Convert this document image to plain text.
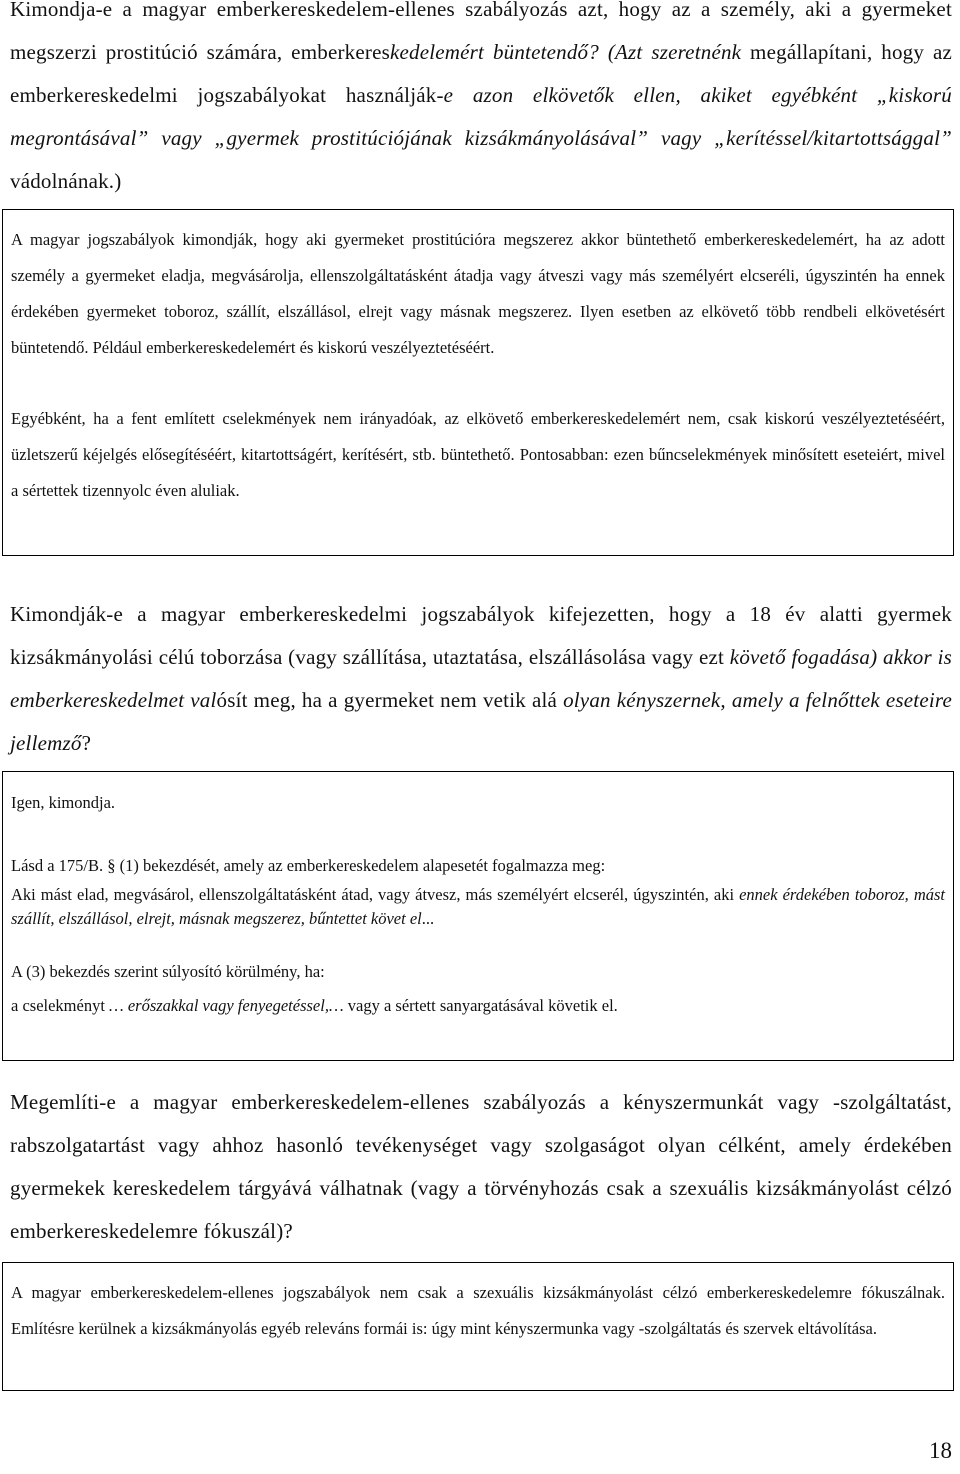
Kimondja-e a magyar emberkereskedelem-ellenes szabályozás azt, hogy az a személy, aki a gyermeket megszerzi prostitúció számára, emberkereskedelemért büntetendő? (Azt szeretnénk megállapítani, hogy az emberkereskedelmi jogszabályokat használják-e azon elkövetők ellen, akiket egyébként „kiskorú megrontásával” vagy „gyermek prostitúciójának kizsákmányolásával” vagy „kerítéssel/kitartottsággal” vádolnának.)

A magyar jogszabályok kimondják, hogy aki gyermeket prostitúcióra megszerez akkor büntethető emberkereskedelemért, ha az adott személy a gyermeket eladja, megvásárolja, ellenszolgáltatásként átadja vagy átveszi vagy más személyért elcseréli, úgyszintén ha ennek érdekében gyermeket toboroz, szállít, elszállásol, elrejt vagy másnak megszerez. Ilyen esetben az elkövető több rendbeli elkövetésért büntetendő. Például emberkereskedelemért és kiskorú veszélyeztetéséért.

Egyébként, ha a fent említett cselekmények nem irányadóak, az elkövető emberkereskedelemért nem, csak kiskorú veszélyeztetéséért, üzletszerű kéjelgés elősegítéséért, kitartottságért, kerítésért, stb. büntethető. Pontosabban: ezen bűncselekmények minősített eseteiért, mivel a sértettek tizennyolc éven aluliak.

Kimondják-e a magyar emberkereskedelmi jogszabályok kifejezetten, hogy a 18 év alatti gyermek kizsákmányolási célú toborzása (vagy szállítása, utaztatása, elszállásolása vagy ezt követő fogadása) akkor is emberkereskedelmet valósít meg, ha a gyermeket nem vetik alá olyan kényszernek, amely a felnőttek eseteire jellemző?

Igen, kimondja.

Lásd a 175/B. § (1) bekezdését, amely az emberkereskedelem alapesetét fogalmazza meg:

Aki mást elad, megvásárol, ellenszolgáltatásként átad, vagy átvesz, más személyért elcserél, úgyszintén, aki ennek érdekében toboroz, mást szállít, elszállásol, elrejt, másnak megszerez, bűntettet követ el...

A (3) bekezdés szerint súlyosító körülmény, ha:

a cselekményt … erőszakkal vagy fenyegetéssel,… vagy a sértett sanyargatásával követik el.

Megemlíti-e a magyar emberkereskedelem-ellenes szabályozás a kényszermunkát vagy -szolgáltatást, rabszolgatartást vagy ahhoz hasonló tevékenységet vagy szolgaságot olyan célként, amely érdekében gyermekek kereskedelem tárgyává válhatnak (vagy a törvényhozás csak a szexuális kizsákmányolást célzó emberkereskedelemre fókuszál)?

A magyar emberkereskedelem-ellenes jogszabályok nem csak a szexuális kizsákmányolást célzó emberkereskedelemre fókuszálnak. Említésre kerülnek a kizsákmányolás egyéb releváns formái is: úgy mint kényszermunka vagy -szolgáltatás és szervek eltávolítása.

18
